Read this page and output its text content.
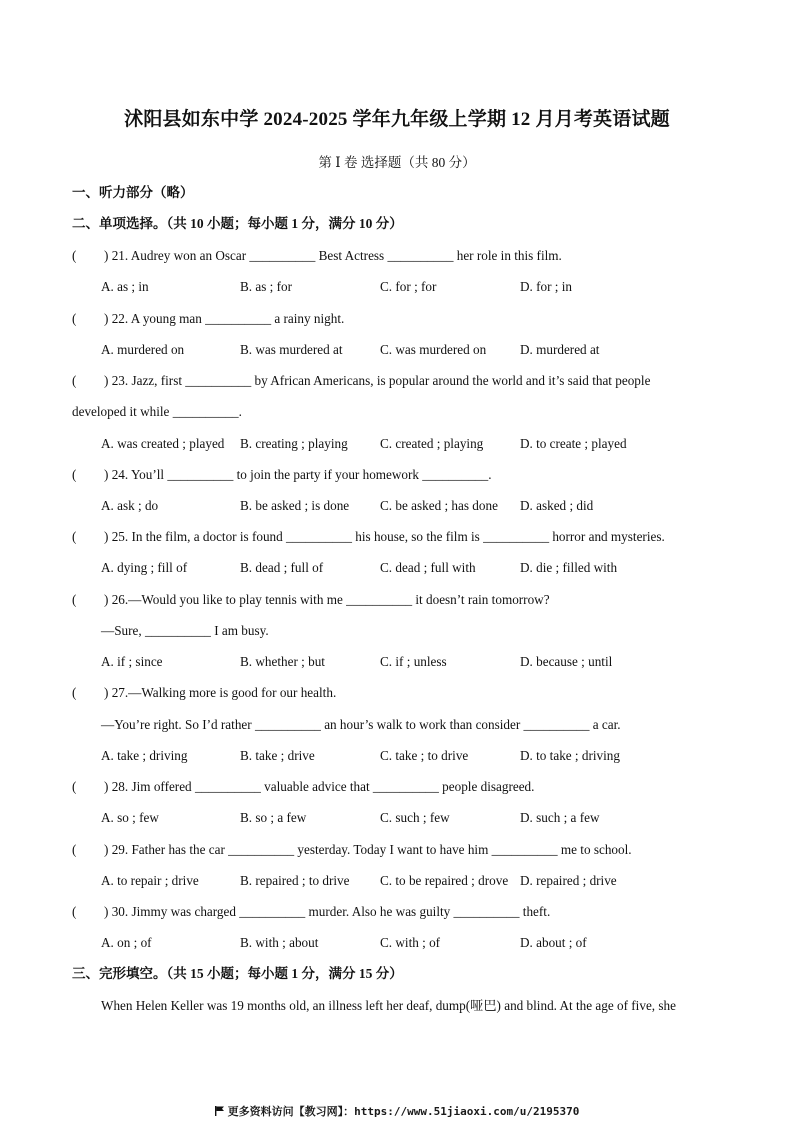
沭阳县如东中学 2024-2025 学年九年级上学期 12 月月考英语试题
第 Ⅰ 卷 选择题（共 80 分）
一、听力部分（略）
二、单项选择。（共 10 小题；每小题 1 分，满分 10 分）
( ) 21. Audrey won an Oscar __________ Best Actress __________ her role in this film.
A. as ; in	B. as ; for	C. for ; for	D. for ; in
( ) 22. A young man __________ a rainy night.
A. murdered on	B. was murdered at	C. was murdered on	D. murdered at
( ) 23. Jazz, first __________ by African Americans, is popular around the world and it’s said that people
developed it while __________.
A. was created ; played B. creating ; playing C. created ; playing	D. to create ; played
( ) 24. You’ll __________ to join the party if your homework __________.
A. ask ; do	B. be asked ; is done C. be asked ; has done D. asked ; did
( ) 25. In the film, a doctor is found __________ his house, so the film is __________ horror and mysteries.
A. dying ; fill of	B. dead ; full of	C. dead ; full with	D. die ; filled with
( ) 26.—Would you like to play tennis with me __________ it doesn’t rain tomorrow?
—Sure, __________ I am busy.
A. if ; since	B. whether ; but	C. if ; unless	D. because ; until
( ) 27.—Walking more is good for our health.
—You’re right. So I’d rather __________ an hour’s walk to work than consider __________ a car.
A. take ; driving	B. take ; drive	C. take ; to drive	D. to take ; driving
( ) 28. Jim offered __________ valuable advice that __________ people disagreed.
A. so ; few	B. so ; a few	C. such ; few	D. such ; a few
( ) 29. Father has the car __________ yesterday. Today I want to have him __________ me to school.
A. to repair ; drive	B. repaired ; to drive C. to be repaired ; drove D. repaired ; drive
( ) 30. Jimmy was charged __________ murder. Also he was guilty __________ theft.
A. on ; of	B. with ; about	C. with ; of	D. about ; of
三、完形填空。（共 15 小题；每小题 1 分，满分 15 分）
When Helen Keller was 19 months old, an illness left her deaf, dump(哑巴) and blind. At the age of five, she
更多资料访问【教习网】：https://www.51jiaoxi.com/u/2195370
